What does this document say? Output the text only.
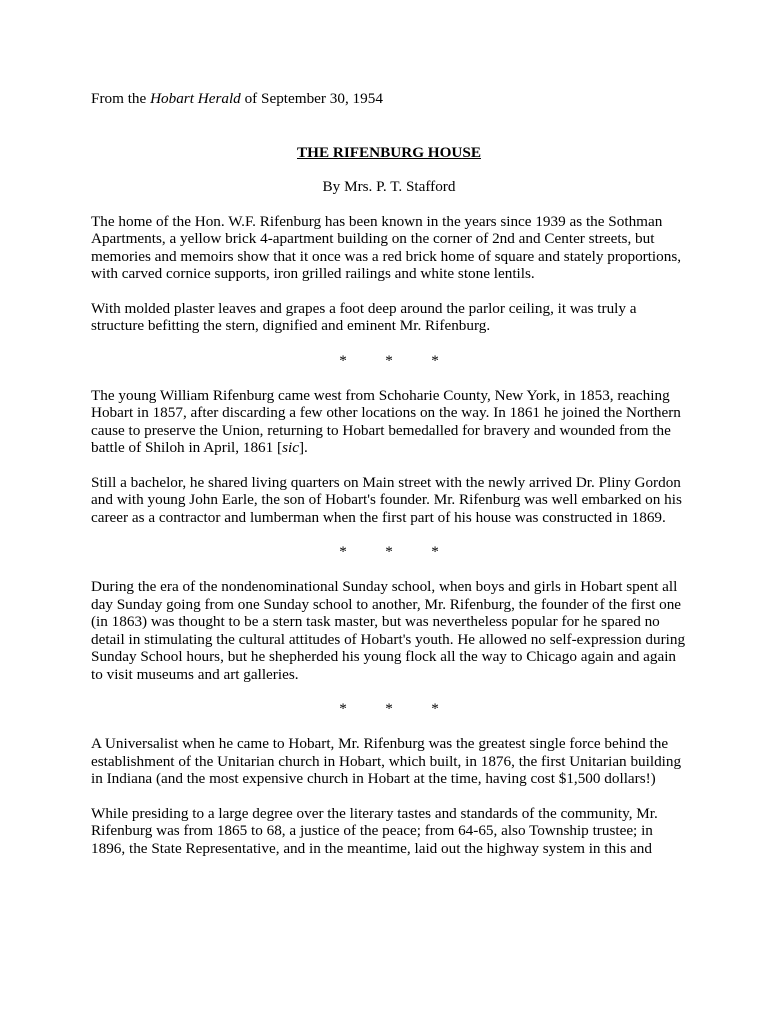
From the Hobart Herald of September 30, 1954

THE RIFENBURG HOUSE

By Mrs. P. T. Stafford

The home of the Hon. W.F. Rifenburg has been known in the years since 1939 as the Sothman Apartments, a yellow brick 4-apartment building on the corner of 2nd and Center streets, but memories and memoirs show that it once was a red brick home of square and stately proportions, with carved cornice supports, iron grilled railings and white stone lentils.

With molded plaster leaves and grapes a foot deep around the parlor ceiling, it was truly a structure befitting the stern, dignified and eminent Mr. Rifenburg.

*	*	*

The young William Rifenburg came west from Schoharie County, New York, in 1853, reaching Hobart in 1857, after discarding a few other locations on the way. In 1861 he joined the Northern cause to preserve the Union, returning to Hobart bemedalled for bravery and wounded from the battle of Shiloh in April, 1861 [sic].

Still a bachelor, he shared living quarters on Main street with the newly arrived Dr. Pliny Gordon and with young John Earle, the son of Hobart's founder. Mr. Rifenburg was well embarked on his career as a contractor and lumberman when the first part of his house was constructed in 1869.

*	*	*

During the era of the nondenominational Sunday school, when boys and girls in Hobart spent all day Sunday going from one Sunday school to another, Mr. Rifenburg, the founder of the first one (in 1863) was thought to be a stern task master, but was nevertheless popular for he spared no detail in stimulating the cultural attitudes of Hobart's youth. He allowed no self-expression during Sunday School hours, but he shepherded his young flock all the way to Chicago again and again to visit museums and art galleries.

*	*	*

A Universalist when he came to Hobart, Mr. Rifenburg was the greatest single force behind the establishment of the Unitarian church in Hobart, which built, in 1876, the first Unitarian building in Indiana (and the most expensive church in Hobart at the time, having cost $1,500 dollars!)

While presiding to a large degree over the literary tastes and standards of the community, Mr. Rifenburg was from 1865 to 68, a justice of the peace; from 64-65, also Township trustee; in 1896, the State Representative, and in the meantime, laid out the highway system in this and
